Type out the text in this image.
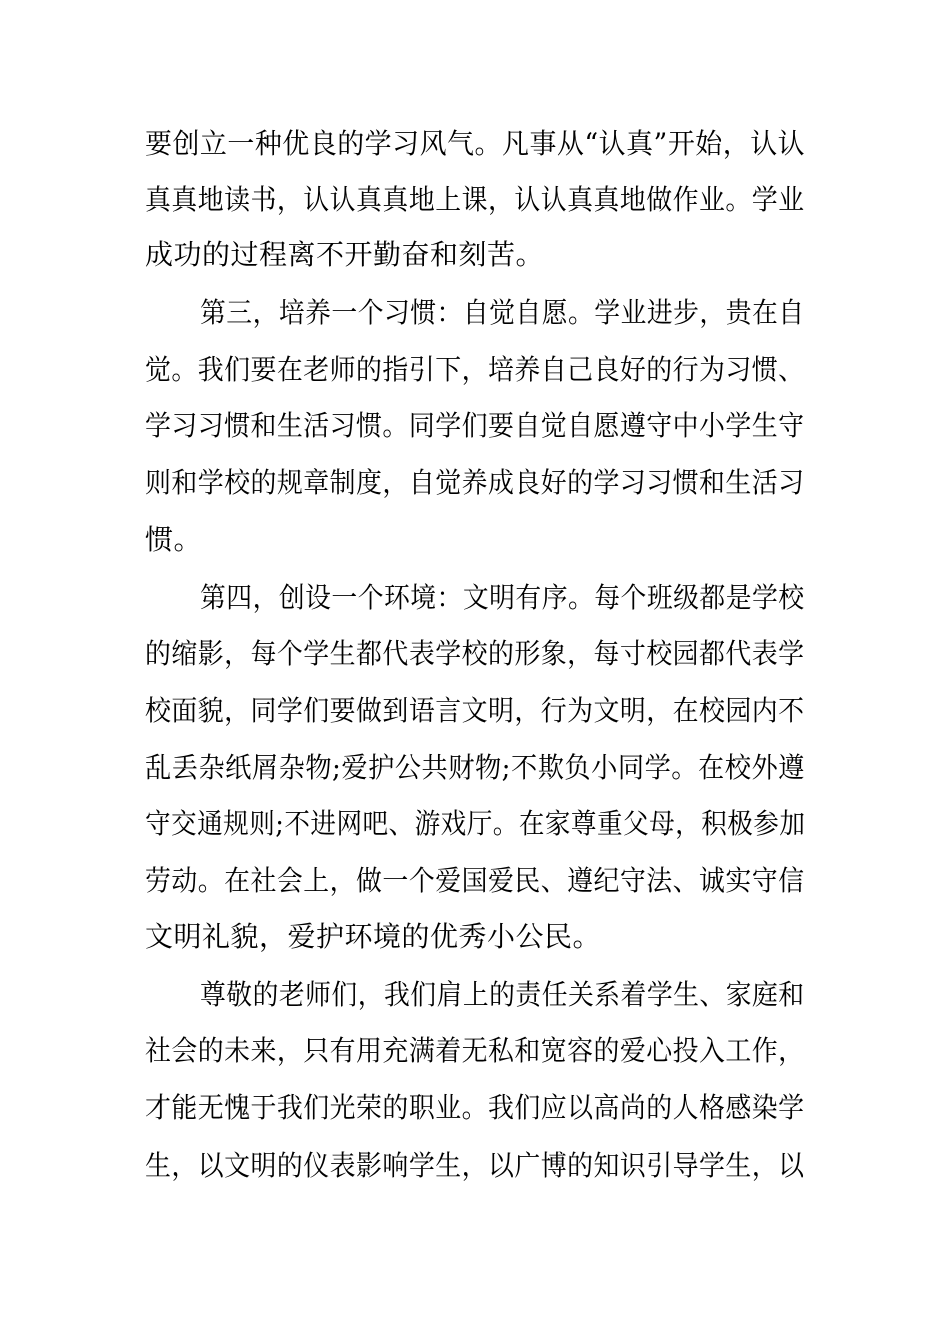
要创立一种优良的学习风气。凡事从“认真”开始，认认
真真地读书，认认真真地上课，认认真真地做作业。学业
成功的过程离不开勤奋和刻苦。
第三，培养一个习惯：自觉自愿。学业进步，贵在自
觉。我们要在老师的指引下，培养自己良好的行为习惯、
学习习惯和生活习惯。同学们要自觉自愿遵守中小学生守
则和学校的规章制度，自觉养成良好的学习习惯和生活习
惯。
第四，创设一个环境：文明有序。每个班级都是学校
的缩影，每个学生都代表学校的形象，每寸校园都代表学
校面貌，同学们要做到语言文明，行为文明，在校园内不
乱丢杂纸屑杂物;爱护公共财物;不欺负小同学。在校外遵
守交通规则;不进网吧、游戏厅。在家尊重父母，积极参加
劳动。在社会上，做一个爱国爱民、遵纪守法、诚实守信
文明礼貌，爱护环境的优秀小公民。
尊敬的老师们，我们肩上的责任关系着学生、家庭和
社会的未来，只有用充满着无私和宽容的爱心投入工作，
才能无愧于我们光荣的职业。我们应以高尚的人格感染学
生，以文明的仪表影响学生，以广博的知识引导学生，以
